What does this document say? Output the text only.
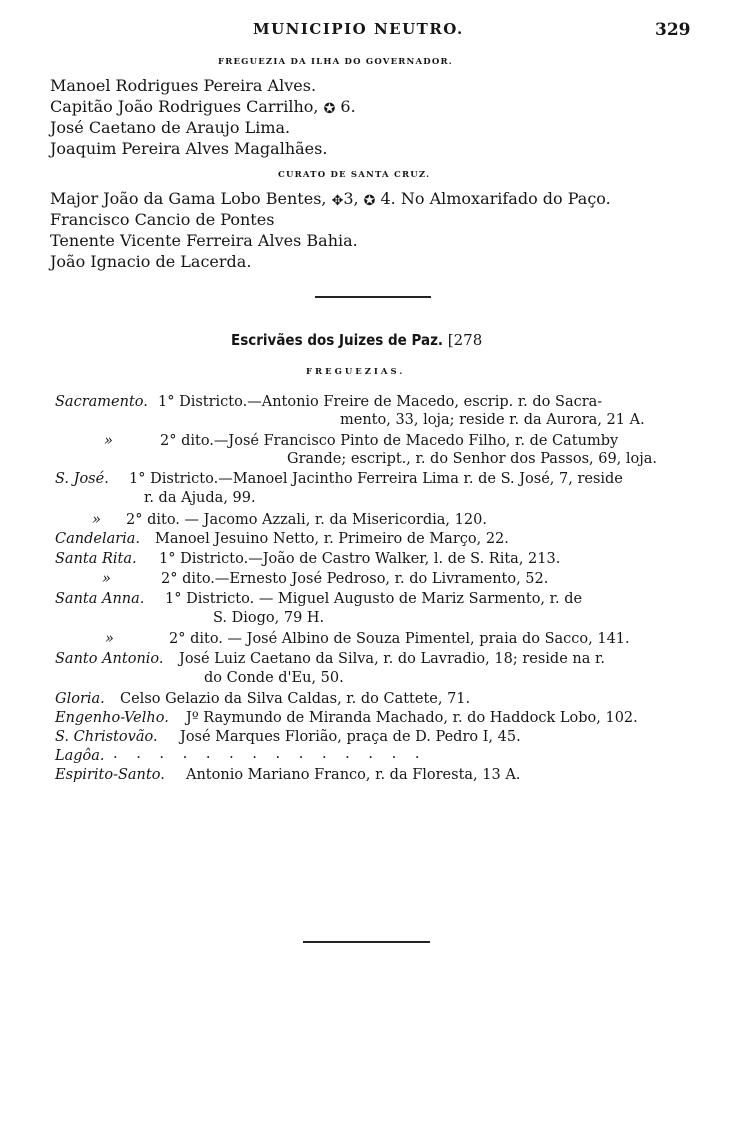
MUNICIPIO NEUTRO.	329
FREGUEZIA DA ILHA DO GOVERNADOR.
Manoel Rodrigues Pereira Alves.
Capitão João Rodrigues Carrilho, ✪ 6.
José Caetano de Araujo Lima.
Joaquim Pereira Alves Magalhães.
CURATO DE SANTA CRUZ.
Major João da Gama Lobo Bentes, ✥3, ✪ 4. No Almoxarifado do Paço.
Francisco Cancio de Pontes
Tenente Vicente Ferreira Alves Bahia.
João Ignacio de Lacerda.
Escrivães dos Juizes de Paz. [278
FREGUEZIAS.
Sacramento. 1° Districto.—Antonio Freire de Macedo, escrip. r. do Sacra-
mento, 33, loja; reside r. da Aurora, 21 A.
»	2° dito.—José Francisco Pinto de Macedo Filho, r. de Catumby
Grande; escript., r. do Senhor dos Passos, 69, loja.
S. José. 1° Districto.—Manoel Jacintho Ferreira Lima r. de S. José, 7, reside
r. da Ajuda, 99.
» 2° dito. — Jacomo Azzali, r. da Misericordia, 120.
Candelaria. Manoel Jesuino Netto, r. Primeiro de Março, 22.
Santa Rita. 1° Districto.—João de Castro Walker, l. de S. Rita, 213.
»	2° dito.—Ernesto José Pedroso, r. do Livramento, 52.
Santa Anna. 1° Districto. — Miguel Augusto de Mariz Sarmento, r. de
S. Diogo, 79 H.
»	2° dito. — José Albino de Souza Pimentel, praia do Sacco, 141.
Santo Antonio. José Luiz Caetano da Silva, r. do Lavradio, 18; reside na r.
do Conde d'Eu, 50.
Gloria. Celso Gelazio da Silva Caldas, r. do Cattete, 71.
Engenho-Velho. Jº Raymundo de Miranda Machado, r. do Haddock Lobo, 102.
S. Christovão. José Marques Florião, praça de D. Pedro I, 45.
Lagôa. . . . . . . . . . . . . . .
Espirito-Santo. Antonio Mariano Franco, r. da Floresta, 13 A.
